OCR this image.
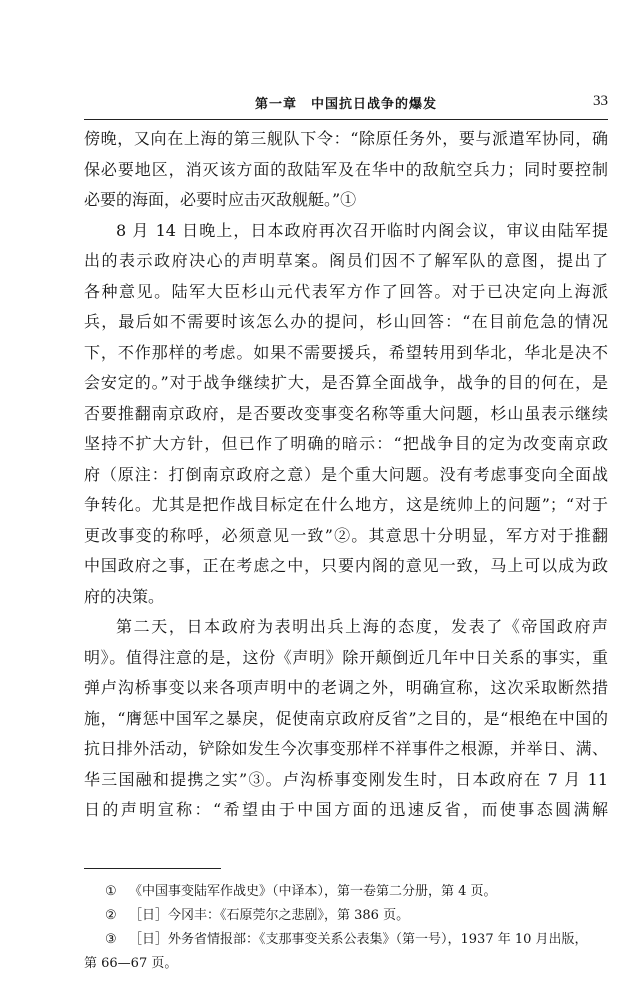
第一章　中国抗日战争的爆发	33
傍晚，又向在上海的第三舰队下令：“除原任务外，要与派遣军协同，确
保必要地区，消灭该方面的敌陆军及在华中的敌航空兵力；同时要控制
必要的海面，必要时应击灭敌舰艇。”①
8 月 14 日晚上，日本政府再次召开临时内阁会议，审议由陆军提
出的表示政府决心的声明草案。阁员们因不了解军队的意图，提出了
各种意见。陆军大臣杉山元代表军方作了回答。对于已决定向上海派
兵，最后如不需要时该怎么办的提问，杉山回答：“在目前危急的情况
下，不作那样的考虑。如果不需要援兵，希望转用到华北，华北是决不
会安定的。”对于战争继续扩大，是否算全面战争，战争的目的何在，是
否要推翻南京政府，是否要改变事变名称等重大问题，杉山虽表示继续
坚持不扩大方针，但已作了明确的暗示：“把战争目的定为改变南京政
府（原注：打倒南京政府之意）是个重大问题。没有考虑事变向全面战
争转化。尤其是把作战目标定在什么地方，这是统帅上的问题”；“对于
更改事变的称呼，必须意见一致”②。其意思十分明显，军方对于推翻
中国政府之事，正在考虑之中，只要内阁的意见一致，马上可以成为政
府的决策。
第二天，日本政府为表明出兵上海的态度，发表了《帝国政府声
明》。值得注意的是，这份《声明》除开颠倒近几年中日关系的事实，重
弹卢沟桥事变以来各项声明中的老调之外，明确宣称，这次采取断然措
施，“膺惩中国军之暴戾，促使南京政府反省”之目的，是“根绝在中国的
抗日排外活动，铲除如发生今次事变那样不祥事件之根源，并举日、满、
华三国融和提携之实”③。卢沟桥事变刚发生时，日本政府在 7 月 11
日的声明宣称：“希望由于中国方面的迅速反省，而使事态圆满解
① 《中国事变陆军作战史》（中译本），第一卷第二分册，第 4 页。
② ［日］今冈丰：《石原莞尔之悲剧》，第 386 页。
③ ［日］外务省情报部：《支那事变关系公表集》（第一号），1937 年 10 月出版，
第 66—67 页。
